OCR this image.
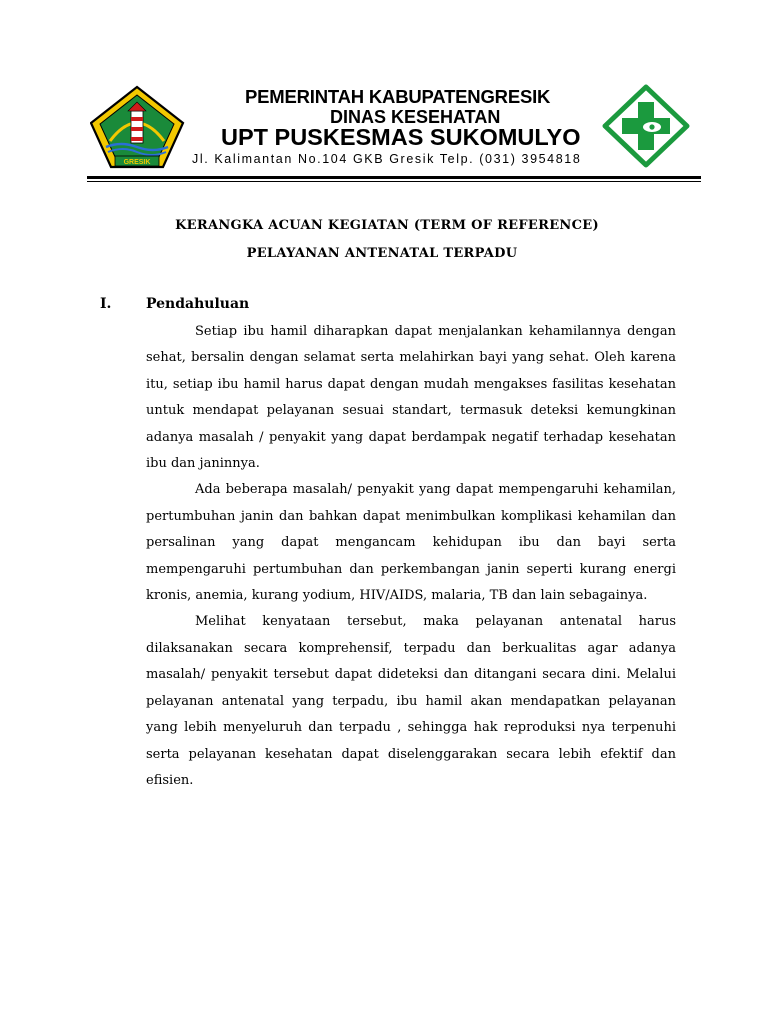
GRESIK
PEMERINTAH KABUPATENGRESIK
DINAS KESEHATAN
UPT PUSKESMAS SUKOMULYO
Jl. Kalimantan No.104 GKB Gresik Telp. (031) 3954818
KERANGKA ACUAN KEGIATAN (TERM OF REFERENCE)
PELAYANAN ANTENATAL TERPADU
I. Pendahuluan

Setiap ibu hamil diharapkan dapat menjalankan kehamilannya dengan sehat, bersalin dengan selamat serta melahirkan bayi yang sehat. Oleh karena itu, setiap ibu hamil harus dapat dengan mudah mengakses fasilitas kesehatan untuk mendapat pelayanan sesuai standart, termasuk deteksi kemungkinan adanya masalah / penyakit yang dapat berdampak negatif terhadap kesehatan ibu dan janinnya.

Ada beberapa masalah/ penyakit yang dapat mempengaruhi kehamilan, pertumbuhan janin dan bahkan dapat menimbulkan komplikasi kehamilan dan persalinan yang dapat mengancam kehidupan ibu dan bayi serta mempengaruhi pertumbuhan dan perkembangan janin seperti kurang energi kronis, anemia, kurang yodium, HIV/AIDS, malaria, TB dan lain sebagainya.

Melihat kenyataan tersebut, maka pelayanan antenatal harus dilaksanakan secara komprehensif, terpadu dan berkualitas agar adanya masalah/ penyakit tersebut dapat dideteksi dan ditangani secara dini. Melalui pelayanan antenatal yang terpadu, ibu hamil akan mendapatkan pelayanan yang lebih menyeluruh dan terpadu , sehingga hak reproduksi nya terpenuhi serta pelayanan kesehatan dapat diselenggarakan secara lebih efektif dan efisien.
